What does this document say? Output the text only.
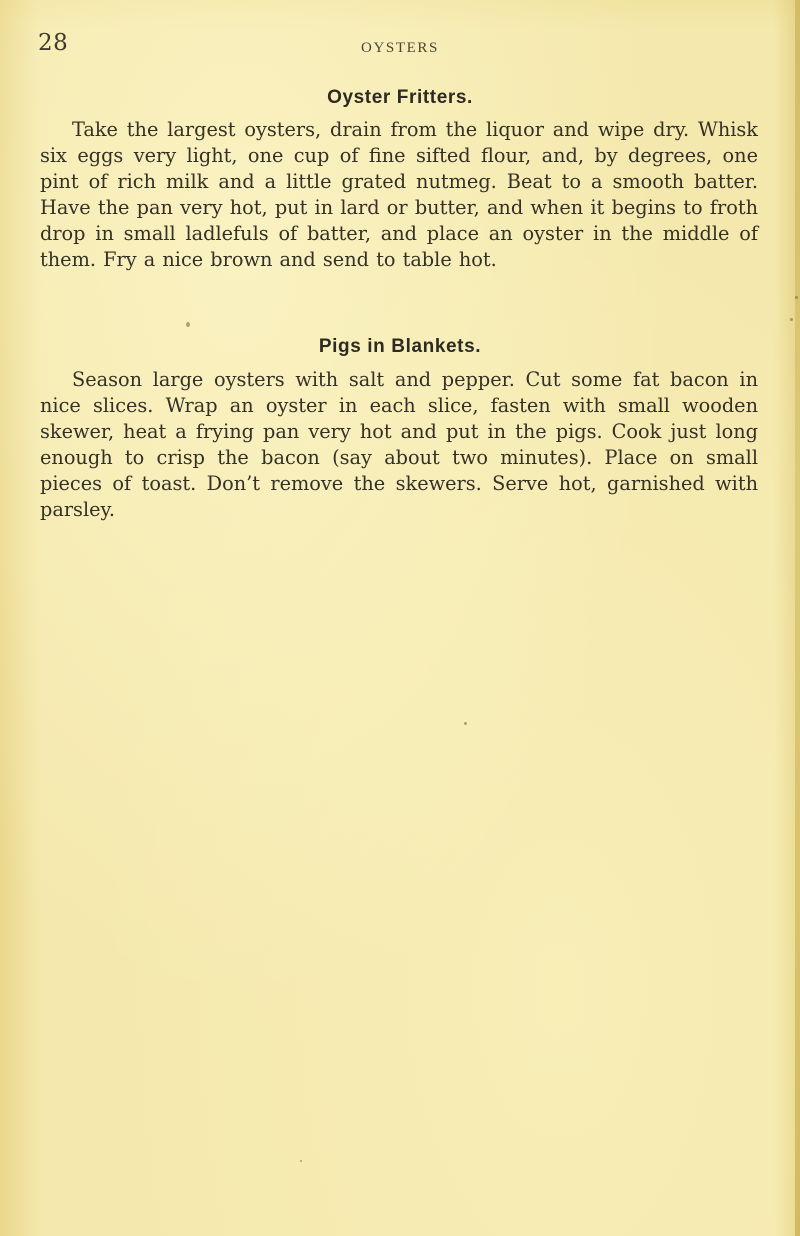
28	OYSTERS
Oyster Fritters.

Take the largest oysters, drain from the liquor and wipe dry. Whisk six eggs very light, one cup of fine sifted flour, and, by degrees, one pint of rich milk and a little grated nutmeg. Beat to a smooth batter. Have the pan very hot, put in lard or butter, and when it begins to froth drop in small ladlefuls of batter, and place an oyster in the middle of them. Fry a nice brown and send to table hot.

Pigs in Blankets.

Season large oysters with salt and pepper. Cut some fat bacon in nice slices. Wrap an oyster in each slice, fasten with small wooden skewer, heat a frying pan very hot and put in the pigs. Cook just long enough to crisp the bacon (say about two minutes). Place on small pieces of toast. Don’t remove the skewers. Serve hot, garnished with parsley.
